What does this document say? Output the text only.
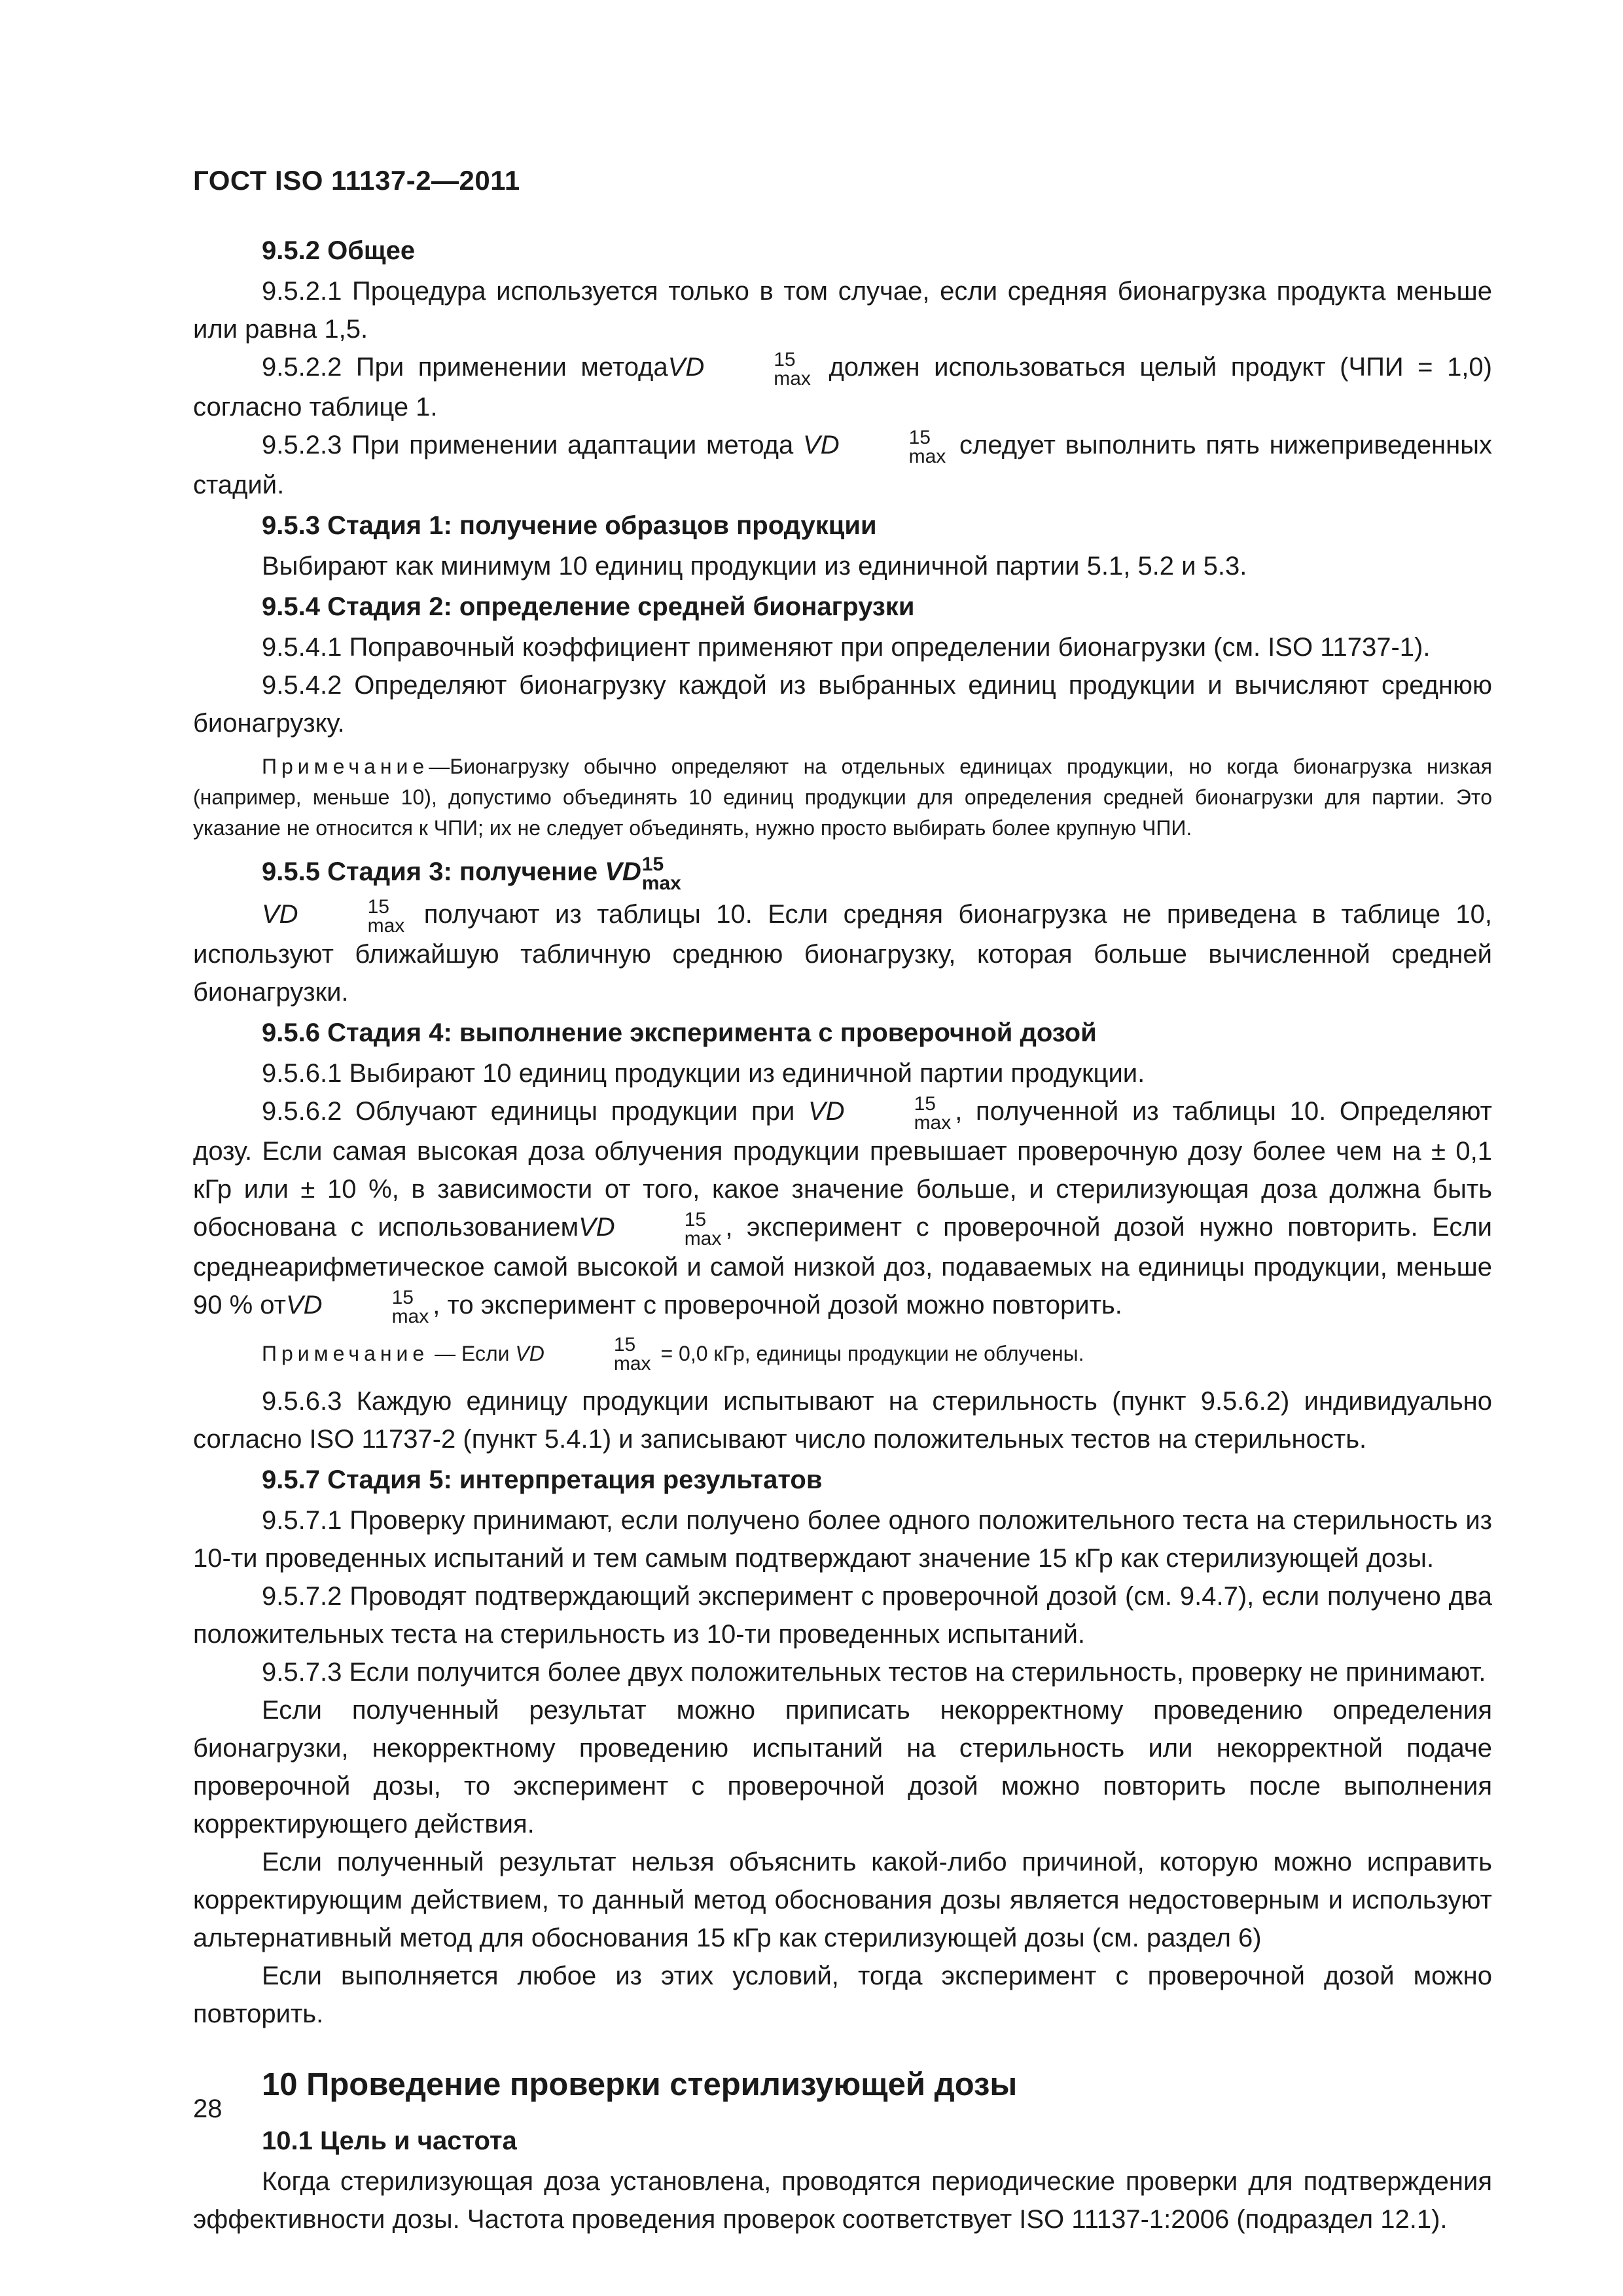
ГОСТ ISO 11137-2—2011
9.5.2 Общее

9.5.2.1 Процедура используется только в том случае, если средняя бионагрузка продукта меньше или равна 1,5.

9.5.2.2 При применении методаVD	15
max должен использоваться целый продукт (ЧПИ = 1,0) согласно таблице 1.

9.5.2.3 При применении адаптации метода VD	15
max следует выполнить пять нижеприведенных стадий.

9.5.3 Стадия 1: получение образцов продукции

Выбирают как минимум 10 единиц продукции из единичной партии 5.1, 5.2 и 5.3.

9.5.4 Стадия 2: определение средней бионагрузки

9.5.4.1 Поправочный коэффициент применяют при определении бионагрузки (см. ISO 11737-1).

9.5.4.2 Определяют бионагрузку каждой из выбранных единиц продукции и вычисляют среднюю бионагрузку.

Примечание—Бионагрузку обычно определяют на отдельных единицах продукции, но когда бионагрузка низкая (например, меньше 10), допустимо объединять 10 единиц продукции для определения средней бионагрузки для партии. Это указание не относится к ЧПИ; их не следует объединять, нужно просто выбирать более крупную ЧПИ.

9.5.5 Стадия 3: получение VD 15
max

VD	15
max получают из таблицы 10. Если средняя бионагрузка не приведена в таблице 10, используют ближайшую табличную среднюю бионагрузку, которая больше вычисленной средней бионагрузки.

9.5.6 Стадия 4: выполнение эксперимента с проверочной дозой

9.5.6.1 Выбирают 10 единиц продукции из единичной партии продукции.

9.5.6.2 Облучают единицы продукции при VD	15
max , полученной из таблицы 10. Определяют дозу. Если самая высокая доза облучения продукции превышает проверочную дозу более чем на ± 0,1 кГр или ± 10 %, в зависимости от того, какое значение больше, и стерилизующая доза должна быть обоснована с использованиемVD	15
max , эксперимент с проверочной дозой нужно повторить. Если среднеарифметическое самой высокой и самой низкой доз, подаваемых на единицы продукции, меньше 90 % отVD	15
max , то эксперимент с проверочной дозой можно повторить.

Примечание — Если VD	15
max = 0,0 кГр, единицы продукции не облучены.

9.5.6.3 Каждую единицу продукции испытывают на стерильность (пункт 9.5.6.2) индивидуально согласно ISO 11737-2 (пункт 5.4.1) и записывают число положительных тестов на стерильность.

9.5.7 Стадия 5: интерпретация результатов

9.5.7.1 Проверку принимают, если получено более одного положительного теста на стерильность из 10-ти проведенных испытаний и тем самым подтверждают значение 15 кГр как стерилизующей дозы.

9.5.7.2 Проводят подтверждающий эксперимент с проверочной дозой (см. 9.4.7), если получено два положительных теста на стерильность из 10-ти проведенных испытаний.

9.5.7.3 Если получится более двух положительных тестов на стерильность, проверку не принимают.

Если полученный результат можно приписать некорректному проведению определения бионагрузки, некорректному проведению испытаний на стерильность или некорректной подаче проверочной дозы, то эксперимент с проверочной дозой можно повторить после выполнения корректирующего действия.

Если полученный результат нельзя объяснить какой-либо причиной, которую можно исправить корректирующим действием, то данный метод обоснования дозы является недостоверным и используют альтернативный метод для обоснования 15 кГр как стерилизующей дозы (см. раздел 6)

Если выполняется любое из этих условий, тогда эксперимент с проверочной дозой можно повторить.

10 Проведение проверки стерилизующей дозы
10.1 Цель и частота

Когда стерилизующая доза установлена, проводятся периодические проверки для подтверждения эффективности дозы. Частота проведения проверок соответствует ISO 11137-1:2006 (подраздел 12.1).

28
